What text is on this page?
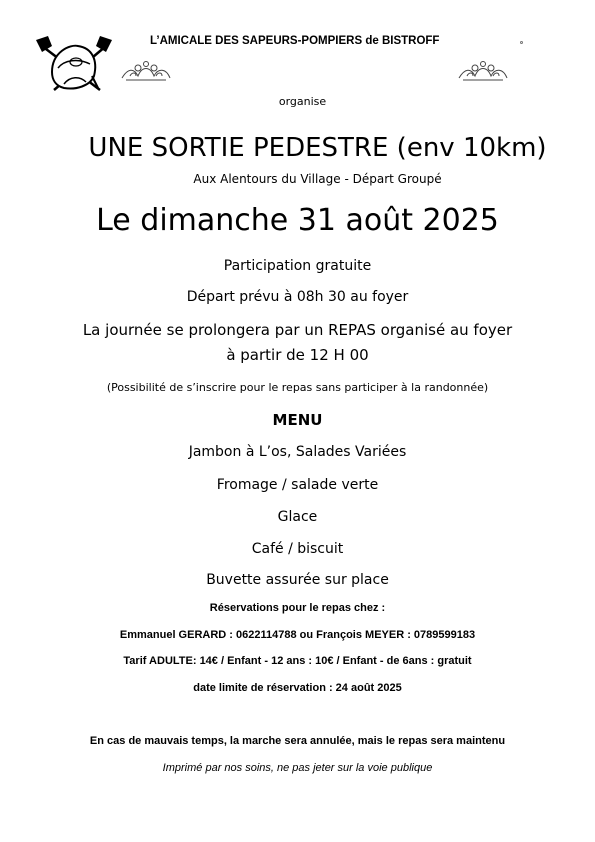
L’AMICALE DES SAPEURS-POMPIERS de BISTROFF
organise
UNE SORTIE PEDESTRE (env 10km)
Aux Alentours du Village - Départ Groupé
Le dimanche 31 août 2025
Participation gratuite
Départ prévu à 08h 30 au foyer
La journée se prolongera par un REPAS organisé au foyer
à partir de 12 H 00
(Possibilité de s’inscrire pour le repas sans participer à la randonnée)
MENU
Jambon à L’os, Salades Variées
Fromage / salade verte
Glace
Café / biscuit
Buvette assurée sur place
Réservations pour le repas chez :
Emmanuel GERARD : 0622114788 ou François MEYER : 0789599183
Tarif ADULTE: 14€ / Enfant - 12 ans : 10€ / Enfant - de 6ans : gratuit
date limite de réservation : 24 août 2025
En cas de mauvais temps, la marche sera annulée, mais le repas sera maintenu
Imprimé par nos soins, ne pas jeter sur la voie publique
